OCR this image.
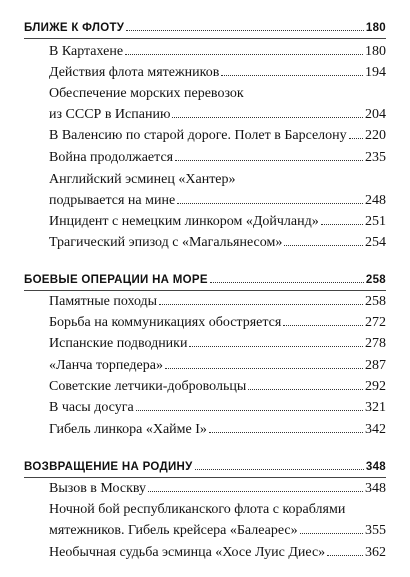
БЛИЖЕ К ФЛОТУ	180
В Картахене	180
Действия флота мятежников	194
Обеспечение морских перевозок
из СССР в Испанию	204
В Валенсию по старой дороге. Полет в Барселону 220
Война продолжается	235
Английский эсминец «Хантер»
подрывается на мине	248
Инцидент с немецким линкором «Дойчланд»	251
Трагический эпизод с «Магальянесом»	254
БОЕВЫЕ ОПЕРАЦИИ НА МОРЕ	258
Памятные походы	258
Борьба на коммуникациях обостряется	272
Испанские подводники	278
«Ланча торпедера»	287
Советские летчики-добровольцы	292
В часы досуга	321
Гибель линкора «Хайме I»	342
ВОЗВРАЩЕНИЕ НА РОДИНУ	348
Вызов в Москву	348
Ночной бой республиканского флота с кораблями
мятежников. Гибель крейсера «Балеарес»	355
Необычная судьба эсминца «Хосе Луис Диес»	362
